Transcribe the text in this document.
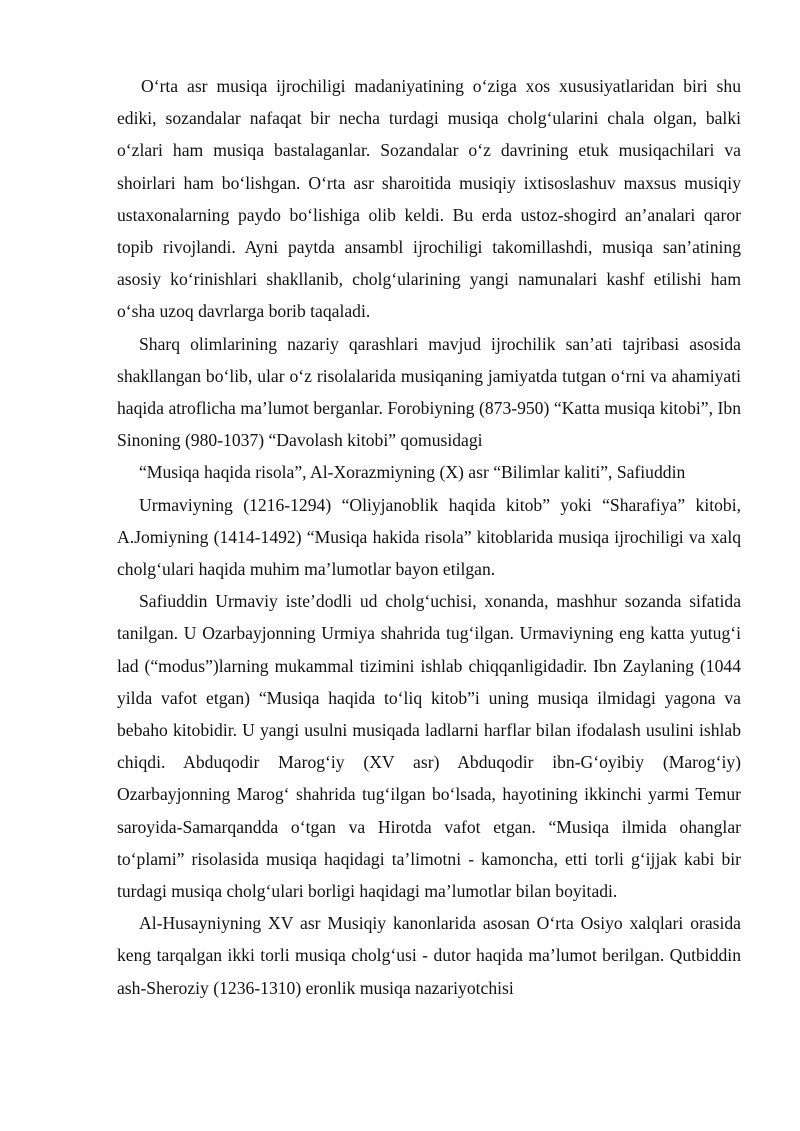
O‘rta asr musiqa ijrochiligi madaniyatining o‘ziga xos xususiyatlaridan biri shu ediki, sozandalar nafaqat bir necha turdagi musiqa cholg‘ularini chala olgan, balki o‘zlari ham musiqa bastalaganlar. Sozandalar o‘z davrining etuk musiqachilari va shoirlari ham bo‘lishgan. O‘rta asr sharoitida musiqiy ixtisoslashuv maxsus musiqiy ustaxonalarning paydo bo‘lishiga olib keldi. Bu erda ustoz-shogird an’analari qaror topib rivojlandi. Ayni paytda ansambl ijrochiligi takomillashdi, musiqa san’atining asosiy ko‘rinishlari shakllanib, cholg‘ularining yangi namunalari kashf etilishi ham o‘sha uzoq davrlarga borib taqaladi.

Sharq olimlarining nazariy qarashlari mavjud ijrochilik san’ati tajribasi asosida shakllangan bo‘lib, ular o‘z risolalarida musiqaning jamiyatda tutgan o‘rni va ahamiyati haqida atroflicha ma’lumot berganlar. Forobiyning (873-950) “Katta musiqa kitobi”, Ibn Sinoning (980-1037) “Davolash kitobi” qomusidagi

“Musiqa haqida risola”, Al-Xorazmiyning (X) asr “Bilimlar kaliti”, Safiuddin

Urmaviyning (1216-1294) “Oliyjanoblik haqida kitob” yoki “Sharafiya” kitobi, A.Jomiyning (1414-1492) “Musiqa hakida risola” kitoblarida musiqa ijrochiligi va xalq cholg‘ulari haqida muhim ma’lumotlar bayon etilgan.

Safiuddin Urmaviy iste’dodli ud cholg‘uchisi, xonanda, mashhur sozanda sifatida tanilgan. U Ozarbayjonning Urmiya shahrida tug‘ilgan. Urmaviyning eng katta yutug‘i lad (“modus”)larning mukammal tizimini ishlab chiqqanligidadir. Ibn Zaylaning (1044 yilda vafot etgan) “Musiqa haqida to‘liq kitob”i uning musiqa ilmidagi yagona va bebaho kitobidir. U yangi usulni musiqada ladlarni harflar bilan ifodalash usulini ishlab chiqdi. Abduqodir Marog‘iy (XV asr) Abduqodir ibn-G‘oyibiy (Marog‘iy) Ozarbayjonning Marog‘ shahrida tug‘ilgan bo‘lsada, hayotining ikkinchi yarmi Temur saroyida-Samarqandda o‘tgan va Hirotda vafot etgan. “Musiqa ilmida ohanglar to‘plami” risolasida musiqa haqidagi ta’limotni - kamoncha, etti torli g‘ijjak kabi bir turdagi musiqa cholg‘ulari borligi haqidagi ma’lumotlar bilan boyitadi.

Al-Husayniyning XV asr Musiqiy kanonlarida asosan O‘rta Osiyo xalqlari orasida keng tarqalgan ikki torli musiqa cholg‘usi - dutor haqida ma’lumot berilgan. Qutbiddin ash-Sheroziy (1236-1310) eronlik musiqa nazariyotchisi
